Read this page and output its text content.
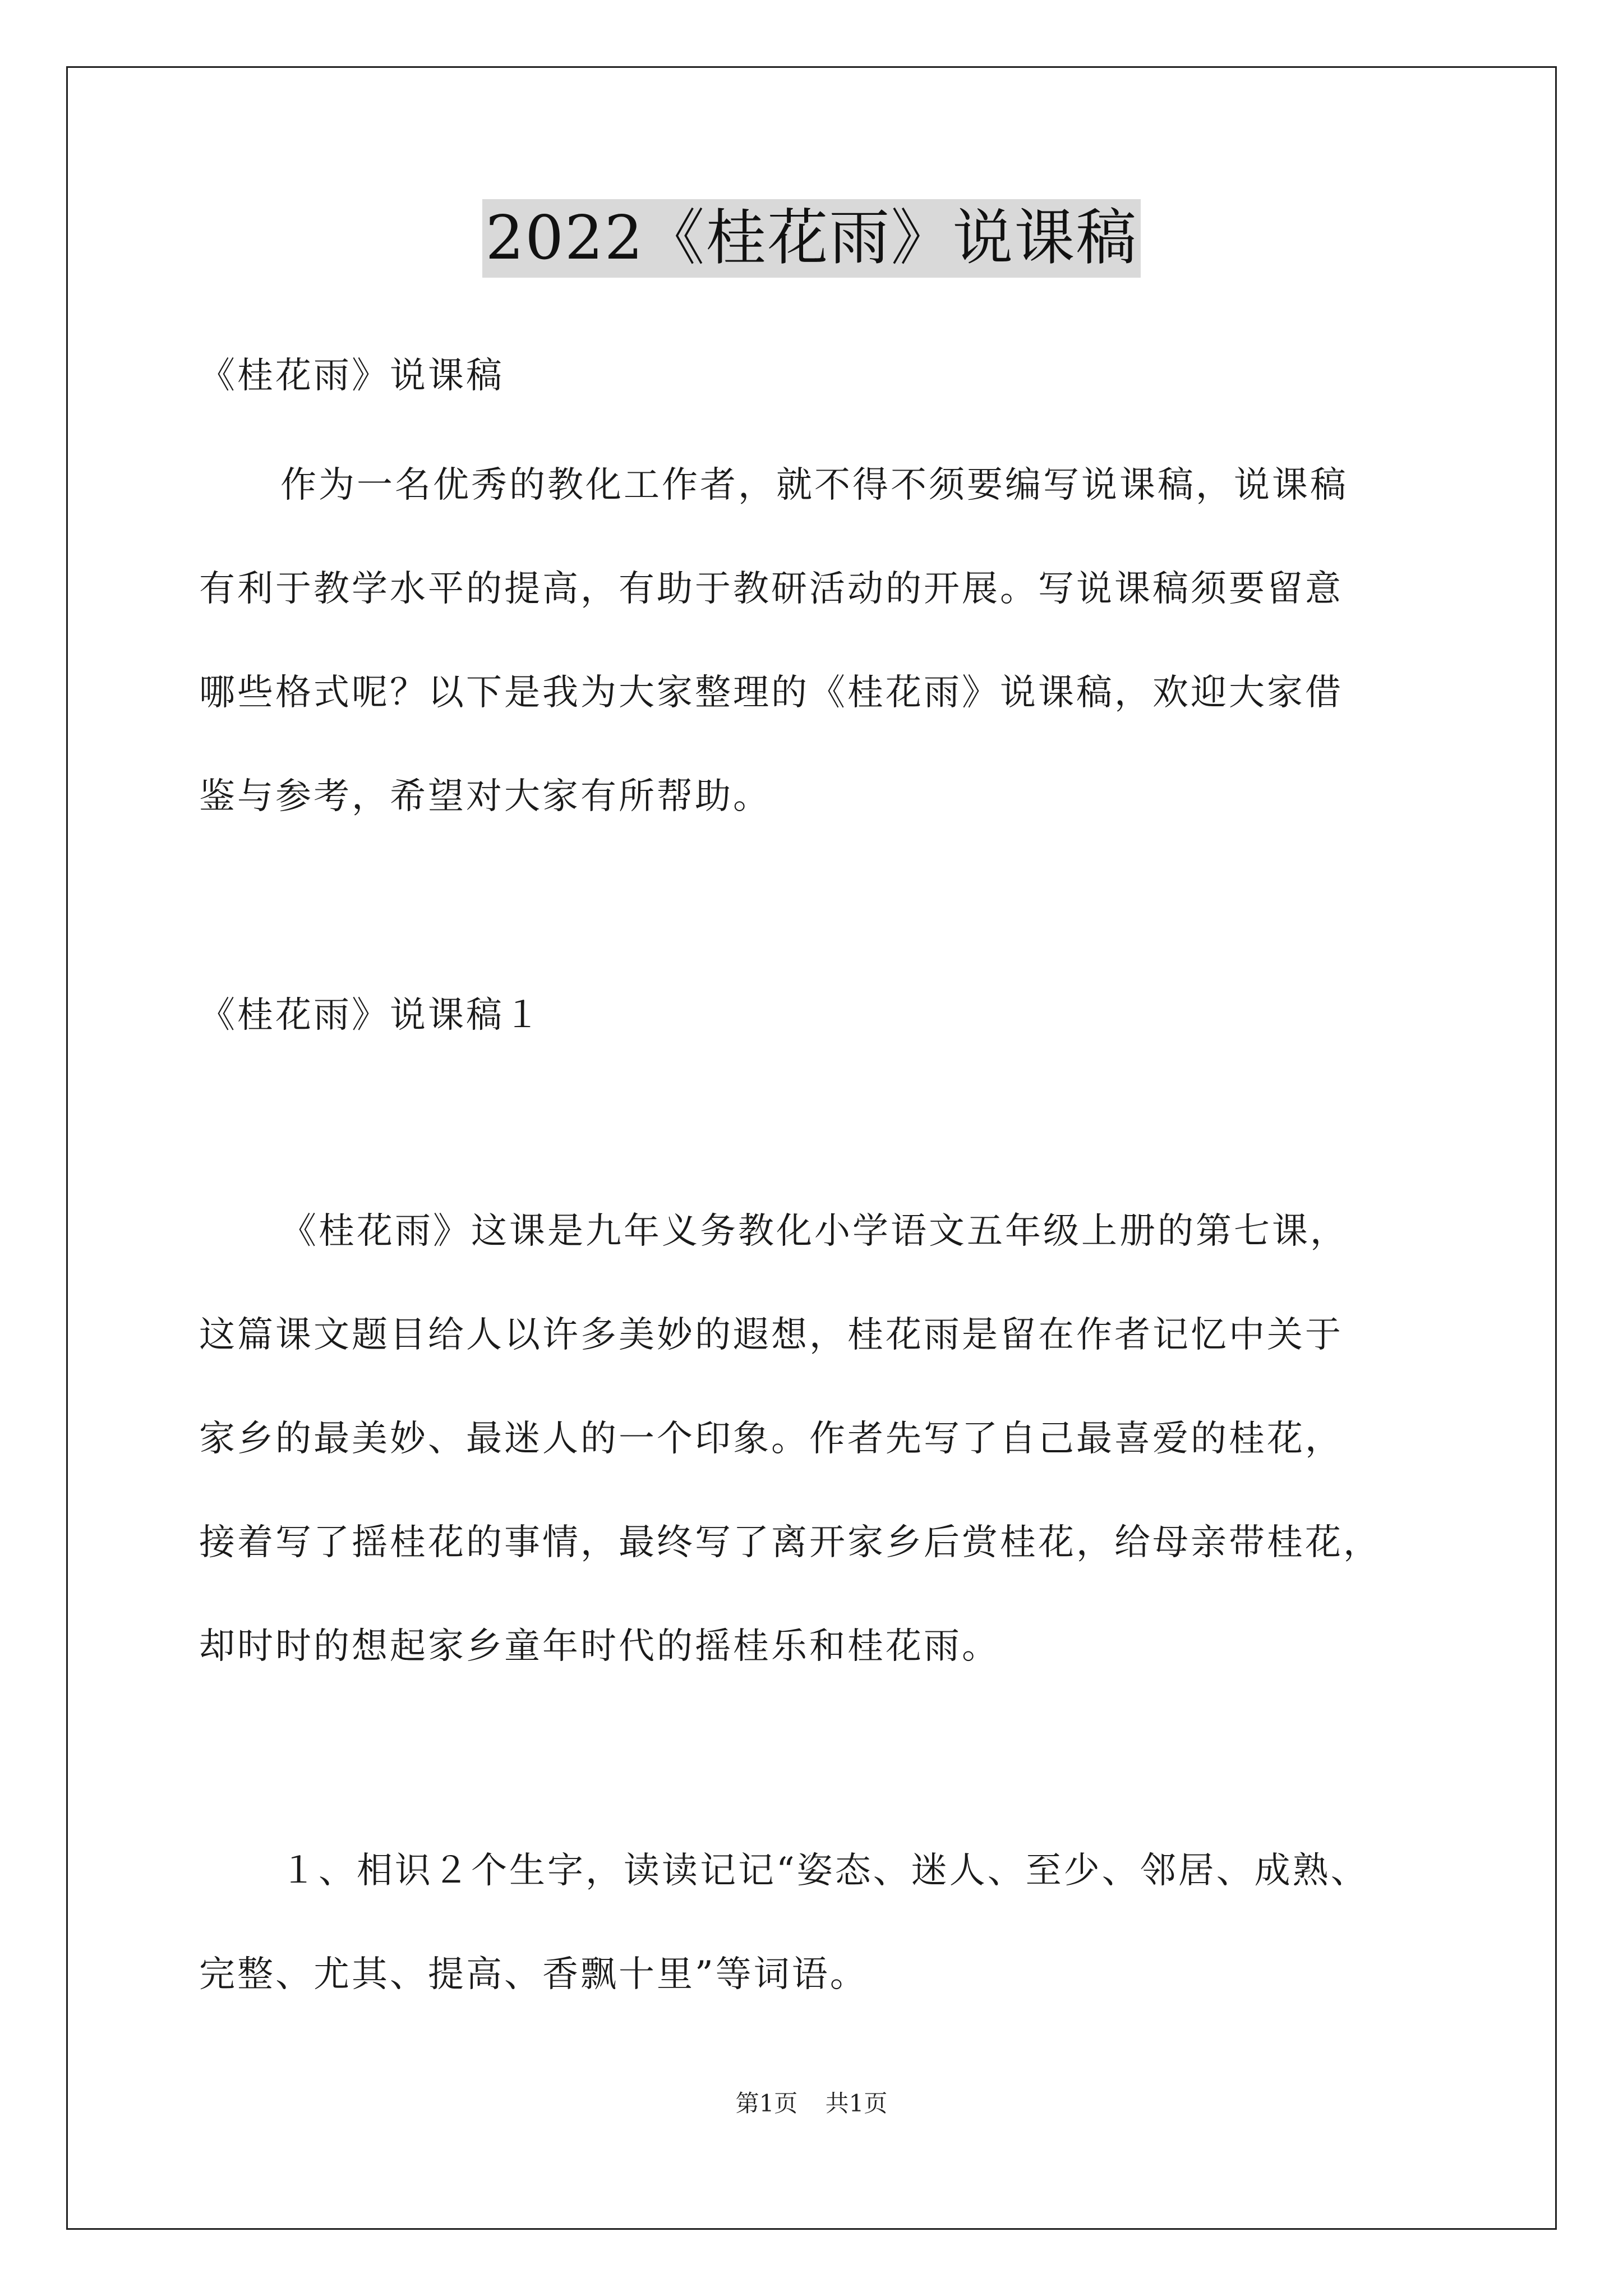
2022《桂花雨》说课稿
《桂花雨》说课稿
作为一名优秀的教化工作者，就不得不须要编写说课稿，说课稿
有利于教学水平的提高，有助于教研活动的开展。写说课稿须要留意
哪些格式呢？以下是我为大家整理的《桂花雨》说课稿，欢迎大家借
鉴与参考，希望对大家有所帮助。
《桂花雨》说课稿１
《桂花雨》这课是九年义务教化小学语文五年级上册的第七课，
这篇课文题目给人以许多美妙的遐想，桂花雨是留在作者记忆中关于
家乡的最美妙、最迷人的一个印象。作者先写了自己最喜爱的桂花，
接着写了摇桂花的事情，最终写了离开家乡后赏桂花，给母亲带桂花，
却时时的想起家乡童年时代的摇桂乐和桂花雨。
１、相识２个生字，读读记记“姿态、迷人、至少、邻居、成熟、
完整、尤其、提高、香飘十里”等词语。
第1页 共1页
